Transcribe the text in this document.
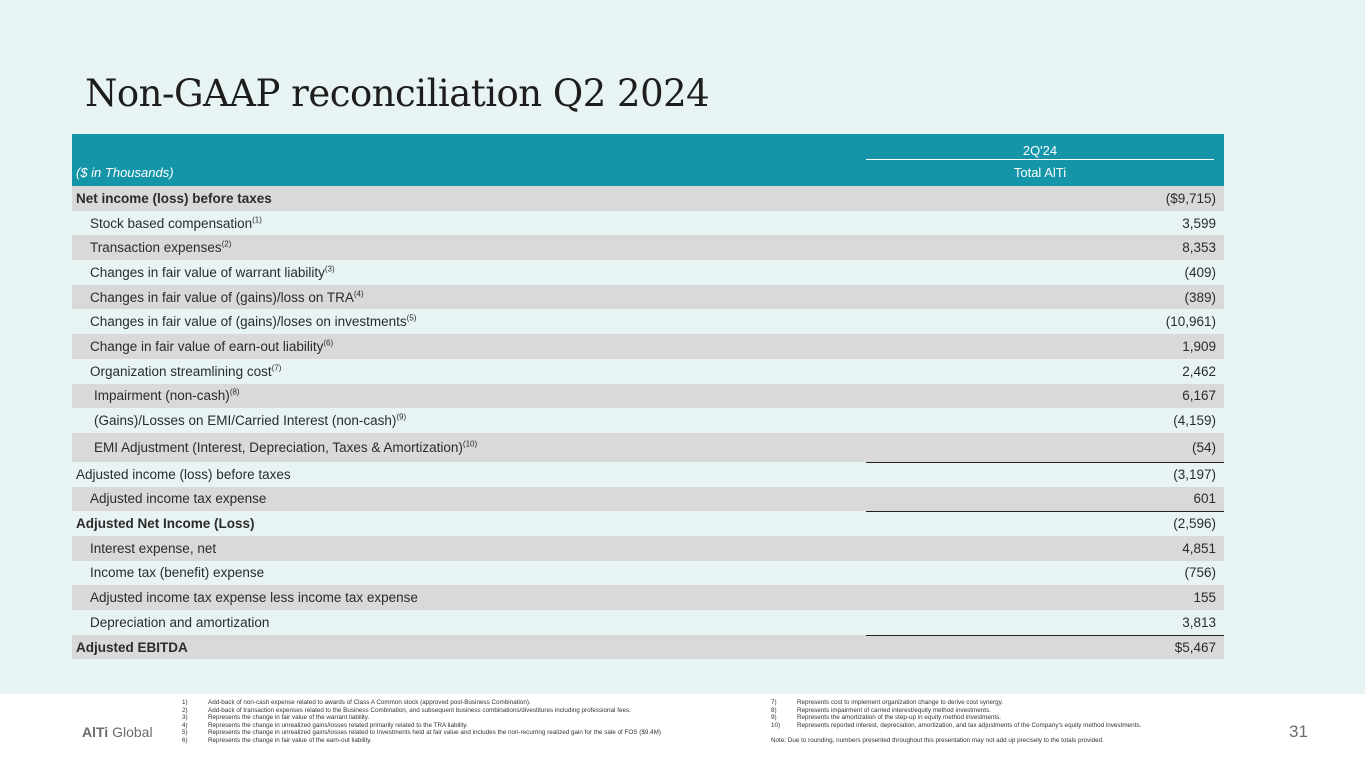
Non-GAAP reconciliation Q2 2024
2Q'24
($ in Thousands)	Total AlTi
Net income (loss) before taxes	($9,715)
Stock based compensation$^{(1)}$	3,599
Transaction expenses$^{(2)}$	8,353
Changes in fair value of warrant liability$^{(3)}$	(409)
Changes in fair value of (gains)/loss on TRA$^{(4)}$	(389)
Changes in fair value of (gains)/loses on investments$^{(5)}$	(10,961)
Change in fair value of earn-out liability$^{(6)}$	1,909
Organization streamlining cost$^{(7)}$	2,462
Impairment (non-cash)$^{(8)}$	6,167
(Gains)/Losses on EMI/Carried Interest (non-cash)$^{(9)}$	(4,159)
EMI Adjustment (Interest, Depreciation, Taxes & Amortization)$^{(10)}$	(54)
Adjusted income (loss) before taxes	(3,197)
Adjusted income tax expense	601
Adjusted Net Income (Loss)	(2,596)
Interest expense, net	4,851
Income tax (benefit) expense	(756)
Adjusted income tax expense less income tax expense	155
Depreciation and amortization	3,813
Adjusted EBITDA	$5,467
AlTi Global
1)	Add-back of non-cash expense related to awards of Class A Common stock (approved post-Business Combination).
2)	Add-back of transaction expenses related to the Business Combination, and subsequent business combinations/divestitures including professional fees.
3)	Represents the change in fair value of the warrant liability.
4)	Represents the change in unrealized gains/losses related primarily related to the TRA liability.
5)	Represents the change in unrealized gains/losses related to Investments held at fair value and includes the non-recurring realized gain for the sale of FOS ($9.4M)
6)	Represents the change in fair value of the earn-out liability.
7)	Represents cost to implement organization change to derive cost synergy.
8)	Represents impairment of carried interest/equity method investments.
9)	Represents the amortization of the step-up in equity method investments.
10)	Represents reported interest, depreciation, amortization, and tax adjustments of the Company's equity method investments.
Note: Due to rounding, numbers presented throughout this presentation may not add up precisely to the totals provided.	31
